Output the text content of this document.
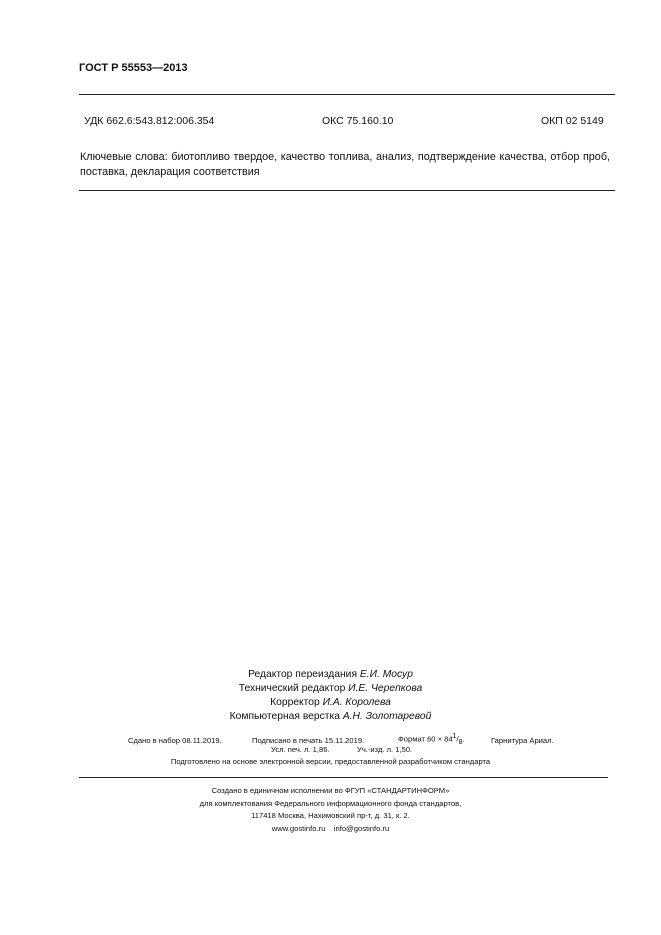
ГОСТ Р 55553—2013
УДК 662.6:543.812:006.354	ОКС 75.160.10	ОКП 02 5149
Ключевые слова: биотопливо твердое, качество топлива, анализ, подтверждение качества, отбор проб, поставка, декларация соответствия
Редактор переиздания Е.И. Мосур
Технический редактор И.Е. Черепкова
Корректор И.А. Королева
Компьютерная верстка А.Н. Золотаревой
Сдано в набор 08.11.2019.	Подписано в печать 15.11.2019.	Формат $60 \times 84^1/_8$.	Гарнитура Ариал.
Усл. печ. л. 1,86.	Уч.-изд. л. 1,50.
Подготовлено на основе электронной версии, предоставленной разработчиком стандарта
Создано в единичном исполнении во ФГУП «СТАНДАРТИНФОРМ»
для комплектования Федерального информационного фонда стандартов,
117418 Москва, Нахимовский пр-т, д. 31, к. 2.
www.gostinfo.ru info@gostinfo.ru
